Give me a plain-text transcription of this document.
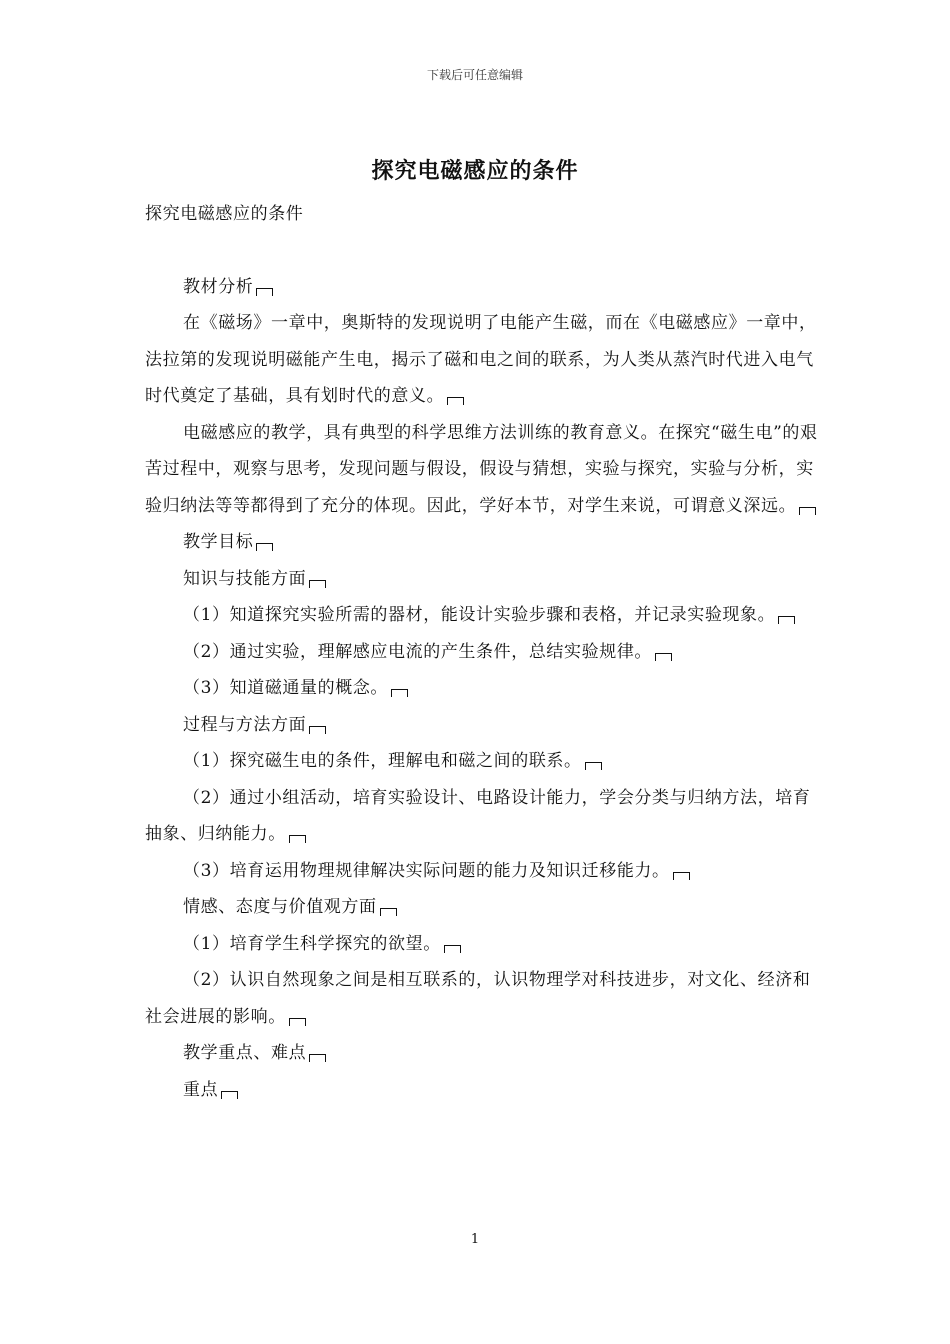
下载后可任意编辑
探究电磁感应的条件

探究电磁感应的条件

教材分析

在《磁场》一章中，奥斯特的发现说明了电能产生磁，而在《电磁感应》一章中，法拉第的发现说明磁能产生电，揭示了磁和电之间的联系，为人类从蒸汽时代进入电气时代奠定了基础，具有划时代的意义。

电磁感应的教学，具有典型的科学思维方法训练的教育意义。在探究“磁生电”的艰苦过程中，观察与思考，发现问题与假设，假设与猜想，实验与探究，实验与分析，实验归纳法等等都得到了充分的体现。因此，学好本节，对学生来说，可谓意义深远。

教学目标

知识与技能方面

（1）知道探究实验所需的器材，能设计实验步骤和表格，并记录实验现象。

（2）通过实验，理解感应电流的产生条件，总结实验规律。

（3）知道磁通量的概念。

过程与方法方面

（1）探究磁生电的条件，理解电和磁之间的联系。

（2）通过小组活动，培育实验设计、电路设计能力，学会分类与归纳方法，培育抽象、归纳能力。

（3）培育运用物理规律解决实际问题的能力及知识迁移能力。

情感、态度与价值观方面

（1）培育学生科学探究的欲望。

（2）认识自然现象之间是相互联系的，认识物理学对科技进步，对文化、经济和社会进展的影响。

教学重点、难点

重点

1
